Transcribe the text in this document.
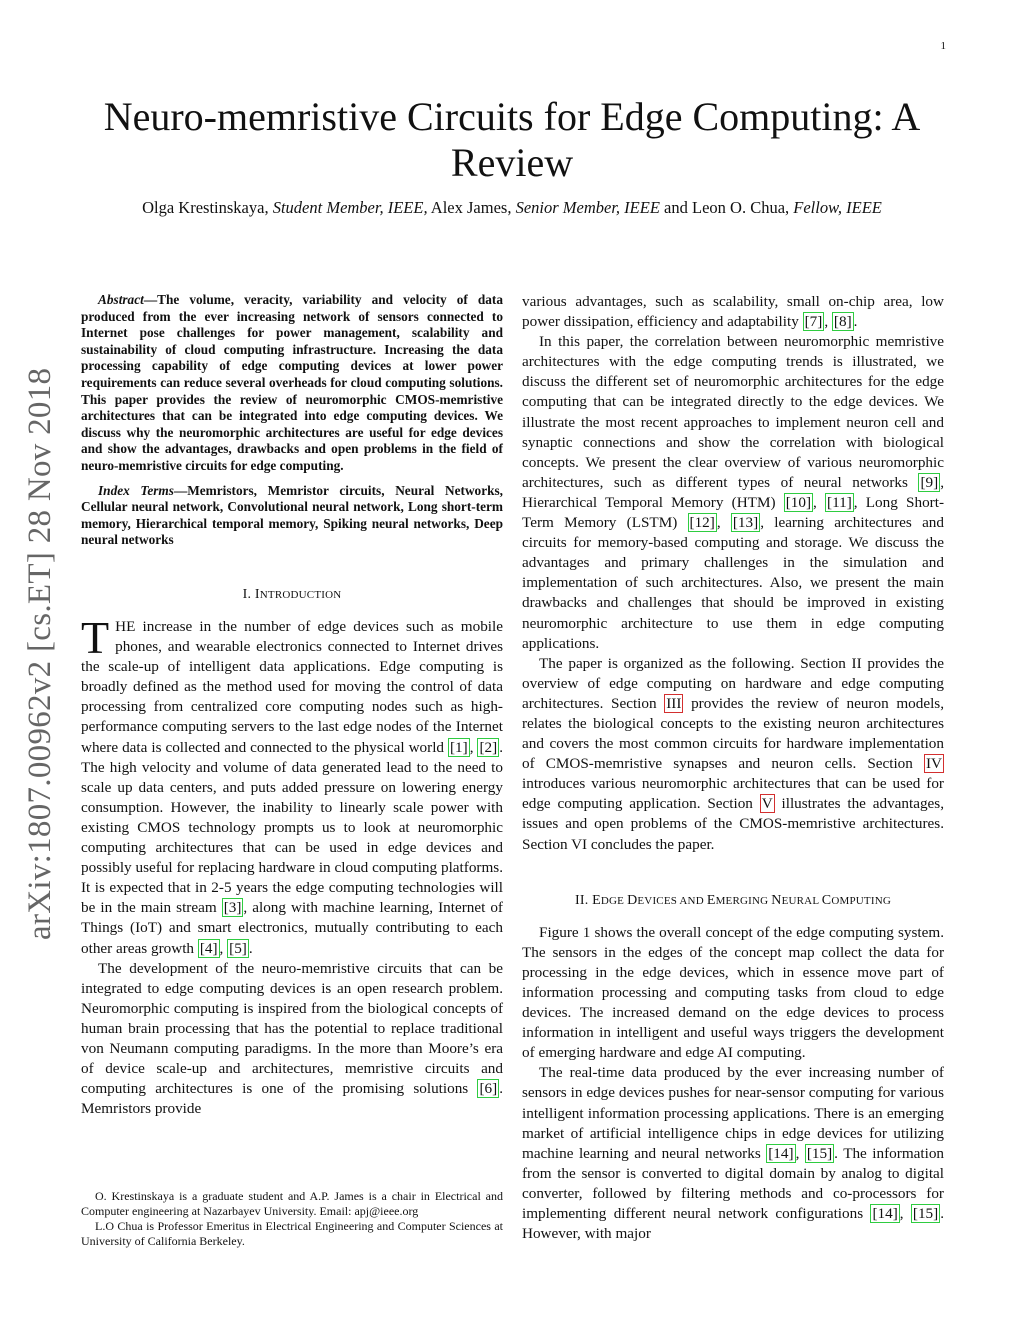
1
arXiv:1807.00962v2 [cs.ET] 28 Nov 2018
Neuro-memristive Circuits for Edge Computing: A Review
Olga Krestinskaya, Student Member, IEEE, Alex James, Senior Member, IEEE and Leon O. Chua, Fellow, IEEE

Abstract—The volume, veracity, variability and velocity of data produced from the ever increasing network of sensors connected to Internet pose challenges for power management, scalability and sustainability of cloud computing infrastructure. Increasing the data processing capability of edge computing devices at lower power requirements can reduce several overheads for cloud computing solutions. This paper provides the review of neuromorphic CMOS-memristive architectures that can be integrated into edge computing devices. We discuss why the neuromorphic architectures are useful for edge devices and show the advantages, drawbacks and open problems in the field of neuro-memristive circuits for edge computing.

Index Terms—Memristors, Memristor circuits, Neural Networks, Cellular neural network, Convolutional neural network, Long short-term memory, Hierarchical temporal memory, Spiking neural networks, Deep neural networks

I. INTRODUCTION

THE increase in the number of edge devices such as mobile phones, and wearable electronics connected to Internet drives the scale-up of intelligent data applications. Edge computing is broadly defined as the method used for moving the control of data processing from centralized core computing nodes such as high-performance computing servers to the last edge nodes of the Internet where data is collected and connected to the physical world [1] , [2] . The high velocity and volume of data generated lead to the need to scale up data centers, and puts added pressure on lowering energy consumption. However, the inability to linearly scale power with existing CMOS technology prompts us to look at neuromorphic computing architectures that can be used in edge devices and possibly useful for replacing hardware in cloud computing platforms. It is expected that in 2-5 years the edge computing technologies will be in the main stream [3] , along with machine learning, Internet of Things (IoT) and smart electronics, mutually contributing to each other areas growth [4] , [5] .

The development of the neuro-memristive circuits that can be integrated to edge computing devices is an open research problem. Neuromorphic computing is inspired from the biological concepts of human brain processing that has the potential to replace traditional von Neumann computing paradigms. In the more than Moore’s era of device scale-up and architectures, memristive circuits and computing architectures is one of the promising solutions [6] . Memristors provide

O. Krestinskaya is a graduate student and A.P. James is a chair in Electrical and Computer engineering at Nazarbayev University. Email: apj@ieee.org

L.O Chua is Professor Emeritus in Electrical Engineering and Computer Sciences at University of California Berkeley.

various advantages, such as scalability, small on-chip area, low power dissipation, efficiency and adaptability [7] , [8] .

In this paper, the correlation between neuromorphic memristive architectures with the edge computing trends is illustrated, we discuss the different set of neuromorphic architectures for the edge computing that can be integrated directly to the edge devices. We illustrate the most recent approaches to implement neuron cell and synaptic connections and show the correlation with biological concepts. We present the clear overview of various neuromorphic architectures, such as different types of neural networks [9] , Hierarchical Temporal Memory (HTM) [10] , [11] , Long Short-Term Memory (LSTM) [12] , [13] , learning architectures and circuits for memory-based computing and storage. We discuss the advantages and primary challenges in the simulation and implementation of such architectures. Also, we present the main drawbacks and challenges that should be improved in existing neuromorphic architecture to use them in edge computing applications.

The paper is organized as the following. Section II provides the overview of edge computing on hardware and edge computing architectures. Section III provides the review of neuron models, relates the biological concepts to the existing neuron architectures and covers the most common circuits for hardware implementation of CMOS-memristive synapses and neuron cells. Section IV introduces various neuromorphic architectures that can be used for edge computing application. Section V illustrates the advantages, issues and open problems of the CMOS-memristive architectures. Section VI concludes the paper.

II. EDGE DEVICES AND EMERGING NEURAL COMPUTING

Figure 1 shows the overall concept of the edge computing system. The sensors in the edges of the concept map collect the data for processing in the edge devices, which in essence move part of information processing and computing tasks from cloud to edge devices. The increased demand on the edge devices to process information in intelligent and useful ways triggers the development of emerging hardware and edge AI computing.

The real-time data produced by the ever increasing number of sensors in edge devices pushes for near-sensor computing for various intelligent information processing applications. There is an emerging market of artificial intelligence chips in edge devices for utilizing machine learning and neural networks [14] , [15] . The information from the sensor is converted to digital domain by analog to digital converter, followed by filtering methods and co-processors for implementing different neural network configurations [14] , [15] . However, with major
